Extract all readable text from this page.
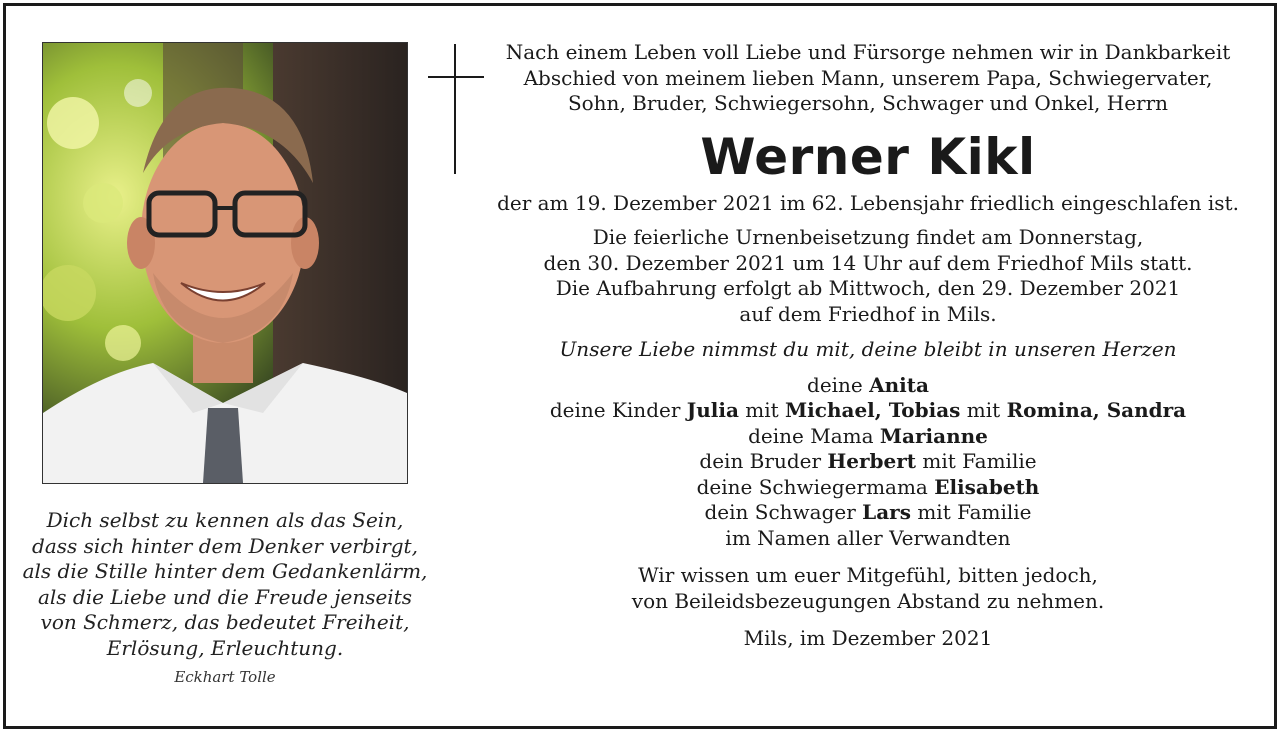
Dich selbst zu kennen als das Sein,
dass sich hinter dem Denker verbirgt,
als die Stille hinter dem Gedankenlärm,
als die Liebe und die Freude jenseits
von Schmerz, das bedeutet Freiheit,
Erlösung, Erleuchtung.
Eckhart Tolle
Nach einem Leben voll Liebe und Fürsorge nehmen wir in Dankbarkeit
Abschied von meinem lieben Mann, unserem Papa, Schwiegervater,
Sohn, Bruder, Schwiegersohn, Schwager und Onkel, Herrn
Werner Kikl
der am 19. Dezember 2021 im 62. Lebensjahr friedlich eingeschlafen ist.
Die feierliche Urnenbeisetzung findet am Donnerstag,
den 30. Dezember 2021 um 14 Uhr auf dem Friedhof Mils statt.
Die Aufbahrung erfolgt ab Mittwoch, den 29. Dezember 2021
auf dem Friedhof in Mils.
Unsere Liebe nimmst du mit, deine bleibt in unseren Herzen
deine Anita
deine Kinder Julia mit Michael, Tobias mit Romina, Sandra
deine Mama Marianne
dein Bruder Herbert mit Familie
deine Schwiegermama Elisabeth
dein Schwager Lars mit Familie
im Namen aller Verwandten
Wir wissen um euer Mitgefühl, bitten jedoch,
von Beileidsbezeugungen Abstand zu nehmen.
Mils, im Dezember 2021
